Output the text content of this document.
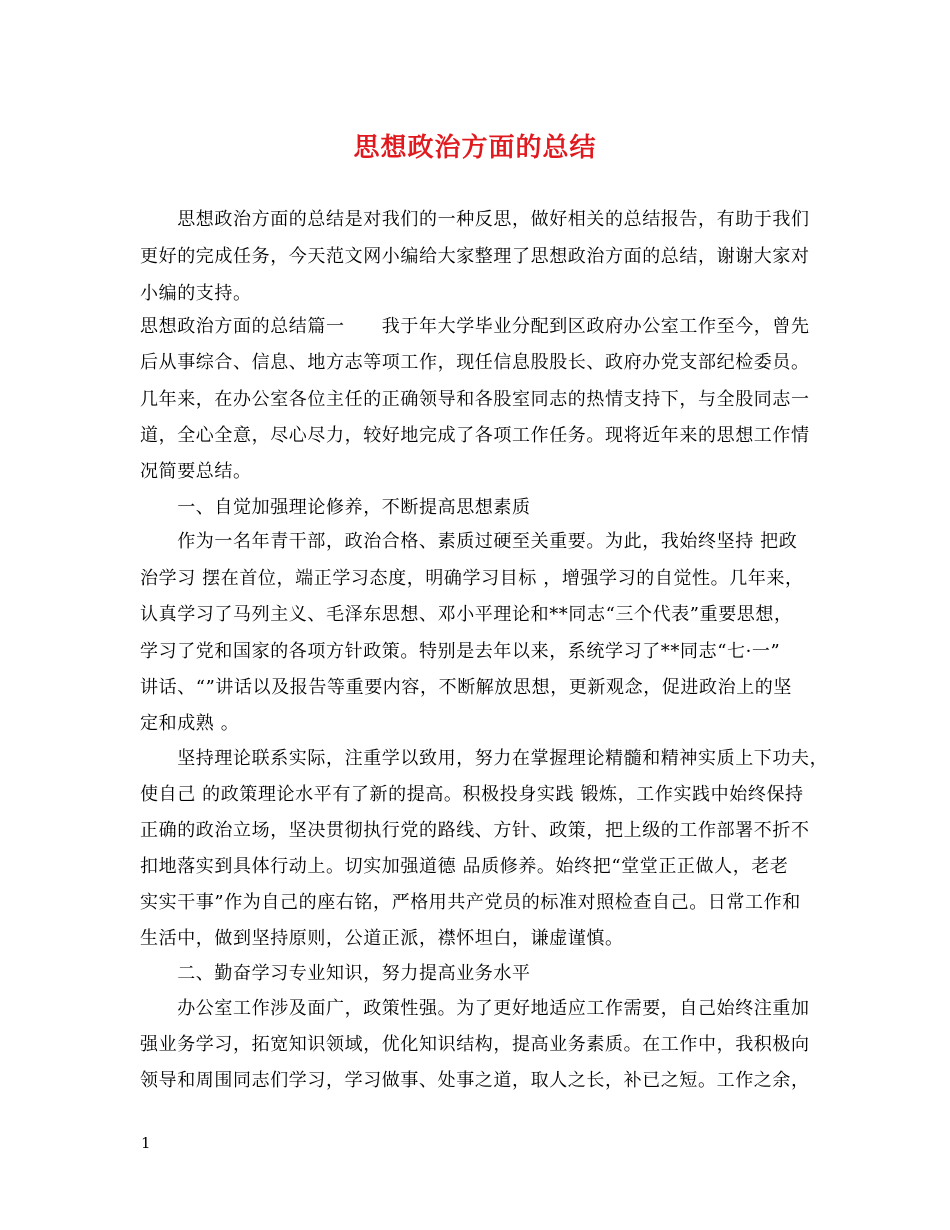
思想政治方面的总结
　　思想政治方面的总结是对我们的一种反思，做好相关的总结报告，有助于我们
更好的完成任务，今天范文网小编给大家整理了思想政治方面的总结，谢谢大家对
小编的支持。
思想政治方面的总结篇一　　我于年大学毕业分配到区政府办公室工作至今，曾先
后从事综合、信息、地方志等项工作，现任信息股股长、政府办党支部纪检委员。
几年来，在办公室各位主任的正确领导和各股室同志的热情支持下，与全股同志一
道，全心全意，尽心尽力，较好地完成了各项工作任务。现将近年来的思想工作情
况简要总结。
　　一、自觉加强理论修养，不断提高思想素质
　　作为一名年青干部，政治合格、素质过硬至关重要。为此，我始终坚持 把政
治学习 摆在首位，端正学习态度，明确学习目标 ，增强学习的自觉性。几年来，
认真学习了马列主义、毛泽东思想、邓小平理论和**同志“三个代表”重要思想，
学习了党和国家的各项方针政策。特别是去年以来，系统学习了**同志“七·一”
讲话、“”讲话以及报告等重要内容，不断解放思想，更新观念，促进政治上的坚
定和成熟 。
　　坚持理论联系实际，注重学以致用，努力在掌握理论精髓和精神实质上下功夫，
使自己 的政策理论水平有了新的提高。积极投身实践 锻炼，工作实践中始终保持
正确的政治立场，坚决贯彻执行党的路线、方针、政策，把上级的工作部署不折不
扣地落实到具体行动上。切实加强道德 品质修养。始终把“堂堂正正做人，老老
实实干事”作为自己的座右铭，严格用共产党员的标准对照检查自己。日常工作和
生活中，做到坚持原则，公道正派，襟怀坦白，谦虚谨慎。
　　二、勤奋学习专业知识，努力提高业务水平
　　办公室工作涉及面广，政策性强。为了更好地适应工作需要，自己始终注重加
强业务学习，拓宽知识领域，优化知识结构，提高业务素质。在工作中，我积极向
领导和周围同志们学习，学习做事、处事之道，取人之长，补已之短。工作之余，
1
